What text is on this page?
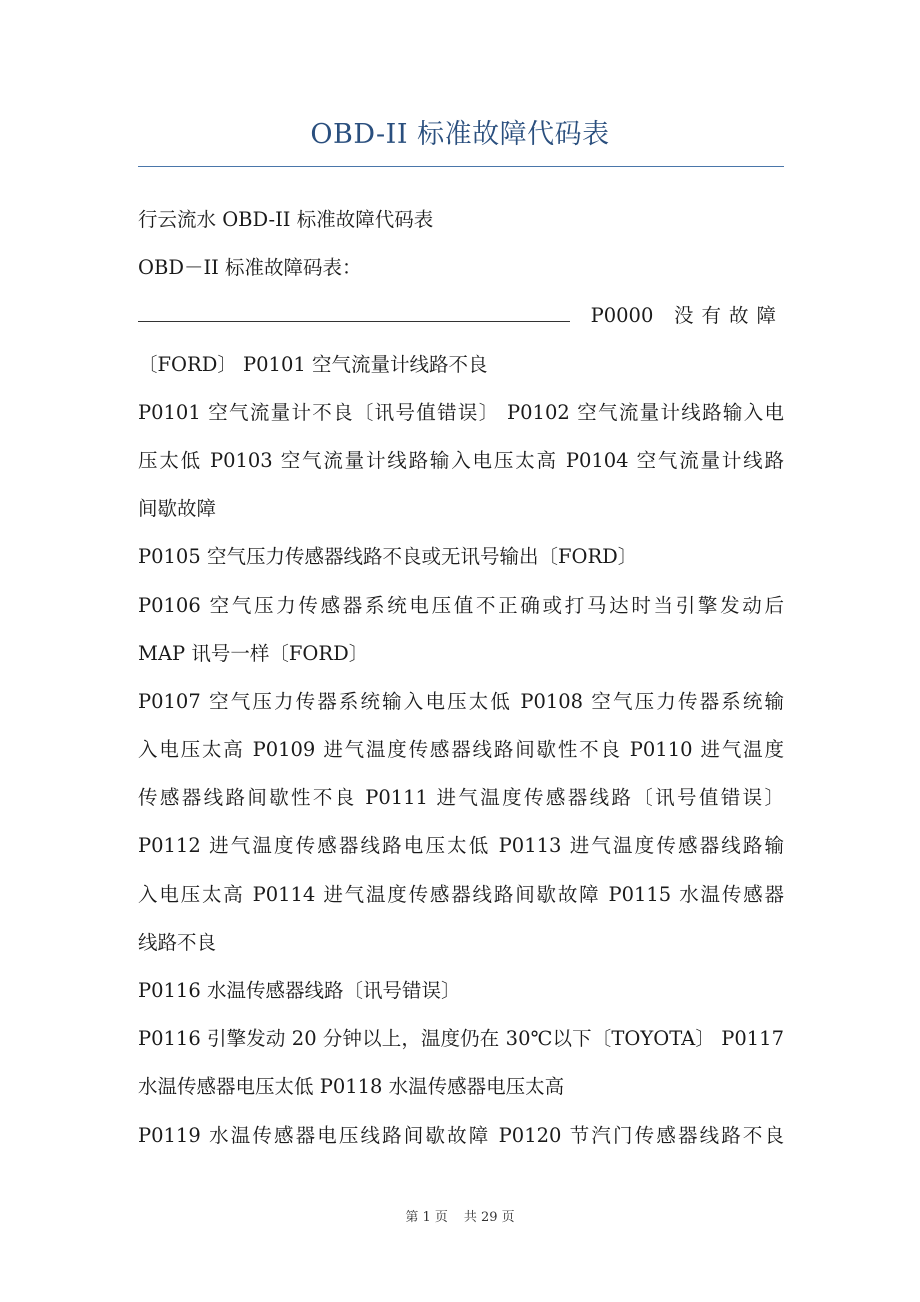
OBD-II 标准故障代码表
行云流水 OBD-II 标准故障代码表
OBD－II 标准故障码表：
P0000 没有故障
〔FORD〕 P0101 空气流量计线路不良
P0101 空气流量计不良〔讯号值错误〕 P0102 空气流量计线路输入电
压太低 P0103 空气流量计线路输入电压太高 P0104 空气流量计线路
间歇故障
P0105 空气压力传感器线路不良或无讯号输出〔FORD〕
P0106 空气压力传感器系统电压值不正确或打马达时当引擎发动后
MAP 讯号一样〔FORD〕
P0107 空气压力传器系统输入电压太低 P0108 空气压力传器系统输
入电压太高 P0109 进气温度传感器线路间歇性不良 P0110 进气温度
传感器线路间歇性不良 P0111 进气温度传感器线路〔讯号值错误〕
P0112 进气温度传感器线路电压太低 P0113 进气温度传感器线路输
入电压太高 P0114 进气温度传感器线路间歇故障 P0115 水温传感器
线路不良
P0116 水温传感器线路〔讯号错误〕
P0116 引擎发动 20 分钟以上，温度仍在 30℃以下〔TOYOTA〕 P0117
水温传感器电压太低 P0118 水温传感器电压太高
P0119 水温传感器电压线路间歇故障 P0120 节汽门传感器线路不良
第 1 页 共 29 页
